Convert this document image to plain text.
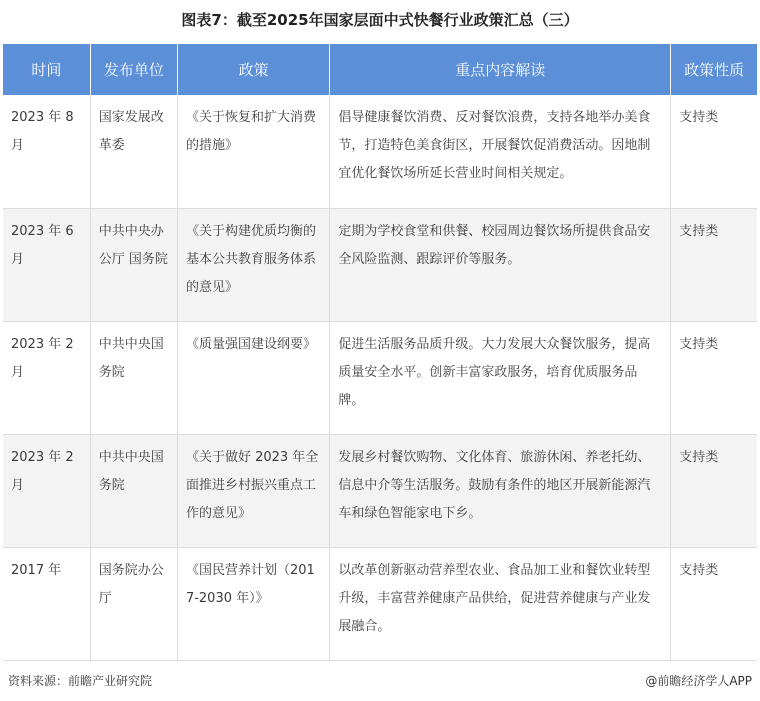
图表7：截至2025年国家层面中式快餐行业政策汇总（三）
时间	发布单位	政策	重点内容解读	政策性质
2023 年 8 月	国家发展改革委	《关于恢复和扩大消费的措施》	倡导健康餐饮消费、反对餐饮浪费，支持各地举办美食节，打造特色美食街区，开展餐饮促消费活动。因地制宜优化餐饮场所延长营业时间相关规定。	支持类
2023 年 6 月	中共中央办公厅 国务院	《关于构建优质均衡的基本公共教育服务体系的意见》	定期为学校食堂和供餐、校园周边餐饮场所提供食品安全风险监测、跟踪评价等服务。	支持类
2023 年 2 月	中共中央国务院	《质量强国建设纲要》	促进生活服务品质升级。大力发展大众餐饮服务，提高质量安全水平。创新丰富家政服务，培育优质服务品牌。	支持类
2023 年 2 月	中共中央国务院	《关于做好 2023 年全面推进乡村振兴重点工作的意见》	发展乡村餐饮购物、文化体育、旅游休闲、养老托幼、信息中介等生活服务。鼓励有条件的地区开展新能源汽车和绿色智能家电下乡。	支持类
2017 年	国务院办公厅	《国民营养计划（2017-2030 年）》	以改革创新驱动营养型农业、食品加工业和餐饮业转型升级，丰富营养健康产品供给，促进营养健康与产业发展融合。	支持类
资料来源：前瞻产业研究院	@前瞻经济学人APP
